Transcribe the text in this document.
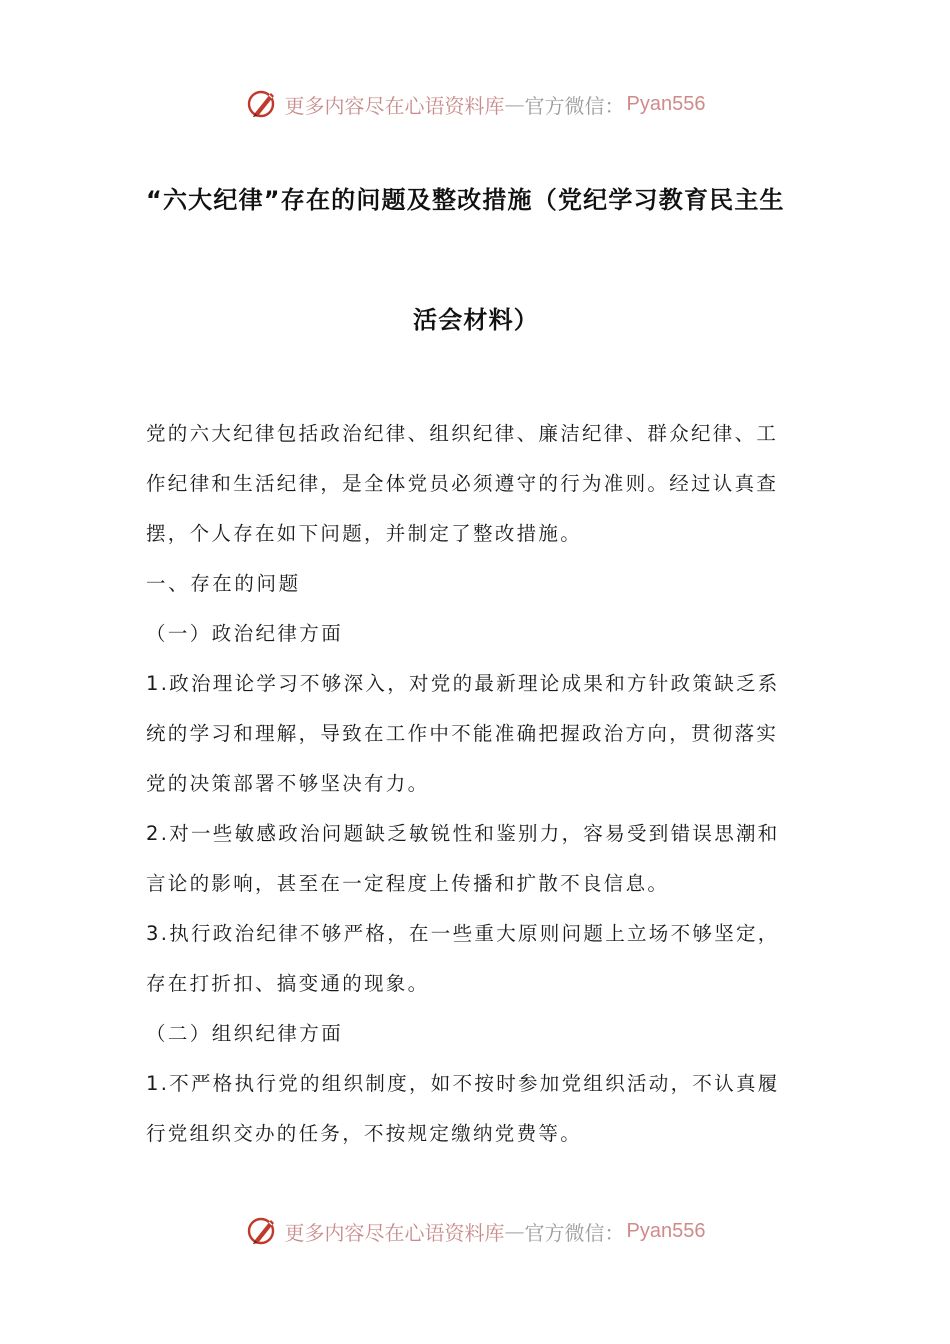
更多内容尽在心语资料库 — 官方微信： Pyan556
“六大纪律”存在的问题及整改措施（党纪学习教育民主生
活会材料）
党的六大纪律包括政治纪律、组织纪律、廉洁纪律、群众纪律、工
作纪律和生活纪律，是全体党员必须遵守的行为准则。经过认真查
摆，个人存在如下问题，并制定了整改措施。
一、存在的问题
（一）政治纪律方面
1.政治理论学习不够深入，对党的最新理论成果和方针政策缺乏系
统的学习和理解，导致在工作中不能准确把握政治方向，贯彻落实
党的决策部署不够坚决有力。
2.对一些敏感政治问题缺乏敏锐性和鉴别力，容易受到错误思潮和
言论的影响，甚至在一定程度上传播和扩散不良信息。
3.执行政治纪律不够严格，在一些重大原则问题上立场不够坚定，
存在打折扣、搞变通的现象。
（二）组织纪律方面
1.不严格执行党的组织制度，如不按时参加党组织活动，不认真履
行党组织交办的任务，不按规定缴纳党费等。
更多内容尽在心语资料库 — 官方微信： Pyan556
